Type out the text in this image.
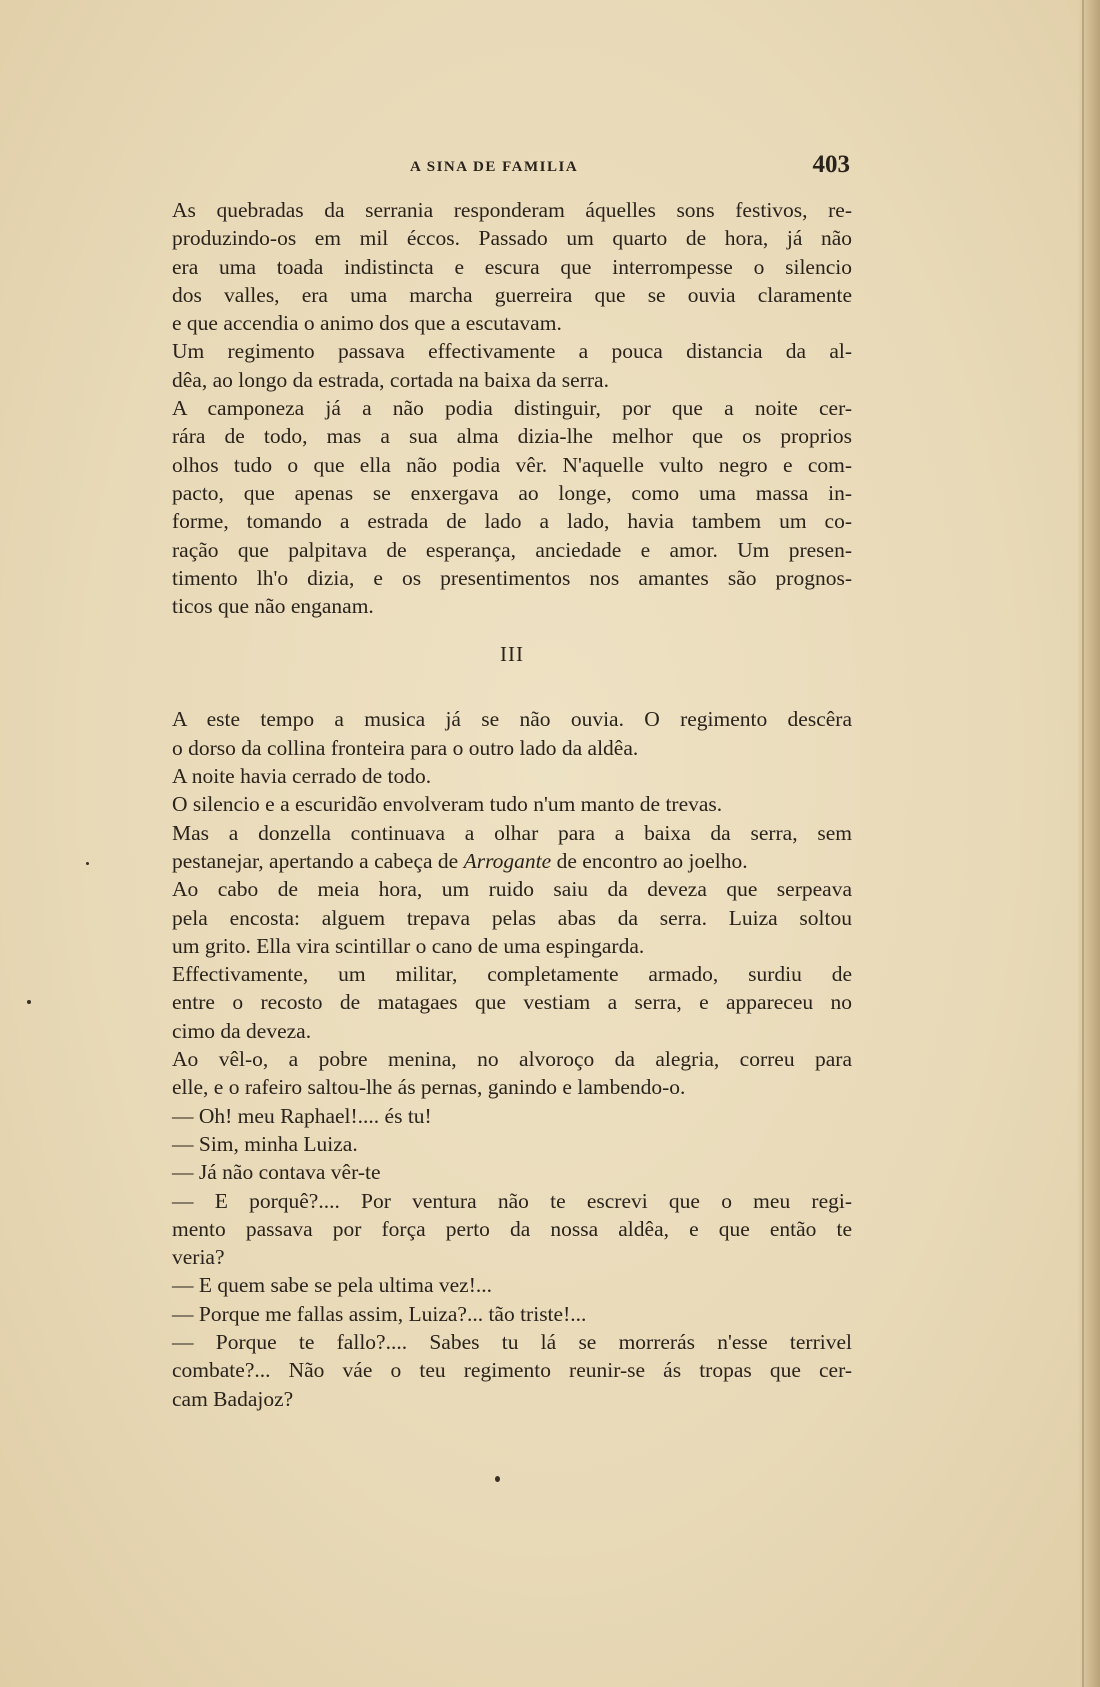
A SINA DE FAMILIA	403
As quebradas da serrania responderam áquelles sons festivos, re-
produzindo-os em mil éccos. Passado um quarto de hora, já não
era uma toada indistincta e escura que interrompesse o silencio
dos valles, era uma marcha guerreira que se ouvia claramente
e que accendia o animo dos que a escutavam.
Um regimento passava effectivamente a pouca distancia da al-
dêa, ao longo da estrada, cortada na baixa da serra.
A camponeza já a não podia distinguir, por que a noite cer-
rára de todo, mas a sua alma dizia-lhe melhor que os proprios
olhos tudo o que ella não podia vêr. N'aquelle vulto negro e com-
pacto, que apenas se enxergava ao longe, como uma massa in-
forme, tomando a estrada de lado a lado, havia tambem um co-
ração que palpitava de esperança, anciedade e amor. Um presen-
timento lh'o dizia, e os presentimentos nos amantes são prognos-
ticos que não enganam.
III
A este tempo a musica já se não ouvia. O regimento descêra
o dorso da collina fronteira para o outro lado da aldêa.
A noite havia cerrado de todo.
O silencio e a escuridão envolveram tudo n'um manto de trevas.
Mas a donzella continuava a olhar para a baixa da serra, sem
pestanejar, apertando a cabeça de Arrogante de encontro ao joelho.
Ao cabo de meia hora, um ruido saiu da deveza que serpeava
pela encosta: alguem trepava pelas abas da serra. Luiza soltou
um grito. Ella vira scintillar o cano de uma espingarda.
Effectivamente, um militar, completamente armado, surdiu de
entre o recosto de matagaes que vestiam a serra, e appareceu no
cimo da deveza.
Ao vêl-o, a pobre menina, no alvoroço da alegria, correu para
elle, e o rafeiro saltou-lhe ás pernas, ganindo e lambendo-o.
— Oh! meu Raphael!.... és tu!
— Sim, minha Luiza.
— Já não contava vêr-te
— E porquê?.... Por ventura não te escrevi que o meu regi-
mento passava por força perto da nossa aldêa, e que então te
veria?
— E quem sabe se pela ultima vez!...
— Porque me fallas assim, Luiza?... tão triste!...
— Porque te fallo?.... Sabes tu lá se morrerás n'esse terrivel
combate?... Não váe o teu regimento reunir-se ás tropas que cer-
cam Badajoz?
